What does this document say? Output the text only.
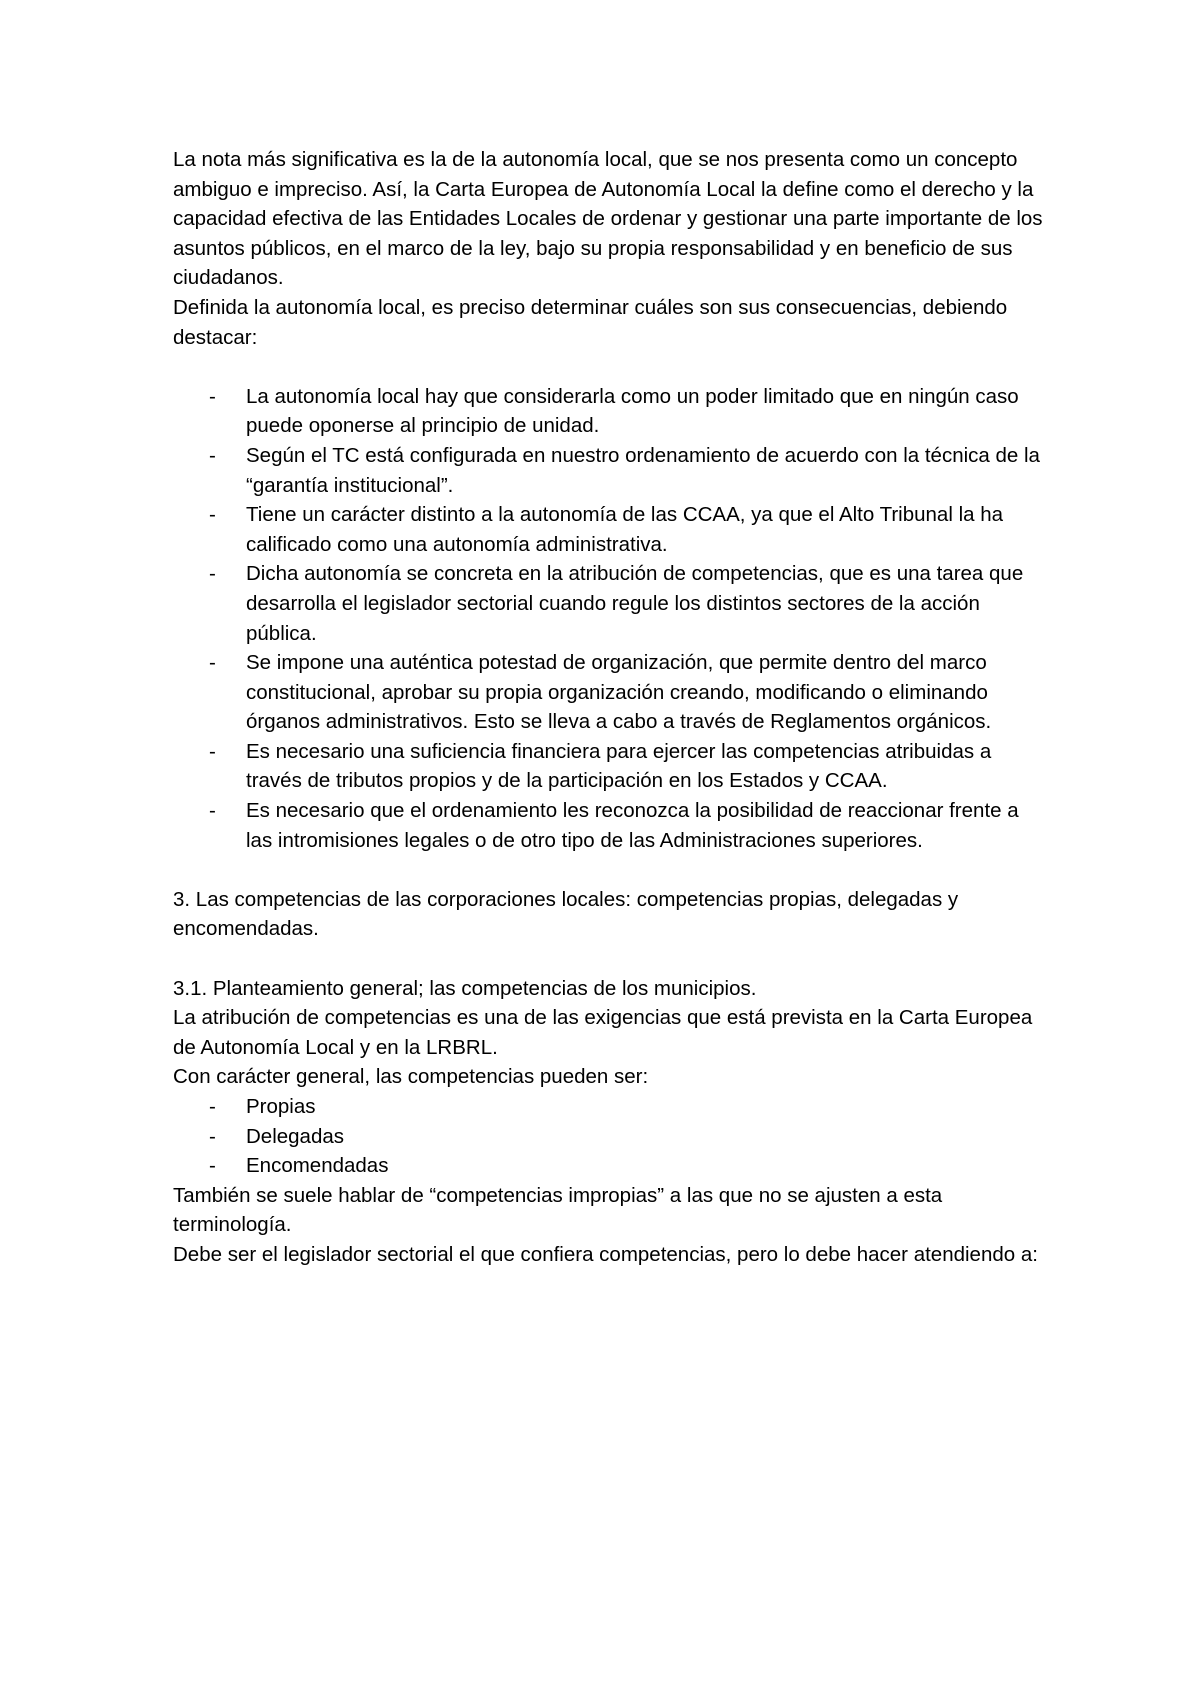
La nota más significativa es la de la autonomía local, que se nos presenta como un concepto ambiguo e impreciso. Así, la Carta Europea de Autonomía Local la define como el derecho y la capacidad efectiva de las Entidades Locales de ordenar y gestionar una parte importante de los asuntos públicos, en el marco de la ley, bajo su propia responsabilidad y en beneficio de sus ciudadanos.

Definida la autonomía local, es preciso determinar cuáles son sus consecuencias, debiendo destacar:

- La autonomía local hay que considerarla como un poder limitado que en ningún caso puede oponerse al principio de unidad.
- Según el TC está configurada en nuestro ordenamiento de acuerdo con la técnica de la “garantía institucional”.
- Tiene un carácter distinto a la autonomía de las CCAA, ya que el Alto Tribunal la ha calificado como una autonomía administrativa.
- Dicha autonomía se concreta en la atribución de competencias, que es una tarea que desarrolla el legislador sectorial cuando regule los distintos sectores de la acción pública.
- Se impone una auténtica potestad de organización, que permite dentro del marco constitucional, aprobar su propia organización creando, modificando o eliminando órganos administrativos. Esto se lleva a cabo a través de Reglamentos orgánicos.
- Es necesario una suficiencia financiera para ejercer las competencias atribuidas a través de tributos propios y de la participación en los Estados y CCAA.
- Es necesario que el ordenamiento les reconozca la posibilidad de reaccionar frente a las intromisiones legales o de otro tipo de las Administraciones superiores.

3. Las competencias de las corporaciones locales: competencias propias, delegadas y encomendadas.

3.1. Planteamiento general; las competencias de los municipios.

La atribución de competencias es una de las exigencias que está prevista en la Carta Europea de Autonomía Local y en la LRBRL.

Con carácter general, las competencias pueden ser:

- Propias
- Delegadas
- Encomendadas

También se suele hablar de “competencias impropias” a las que no se ajusten a esta terminología.

Debe ser el legislador sectorial el que confiera competencias, pero lo debe hacer atendiendo a:
